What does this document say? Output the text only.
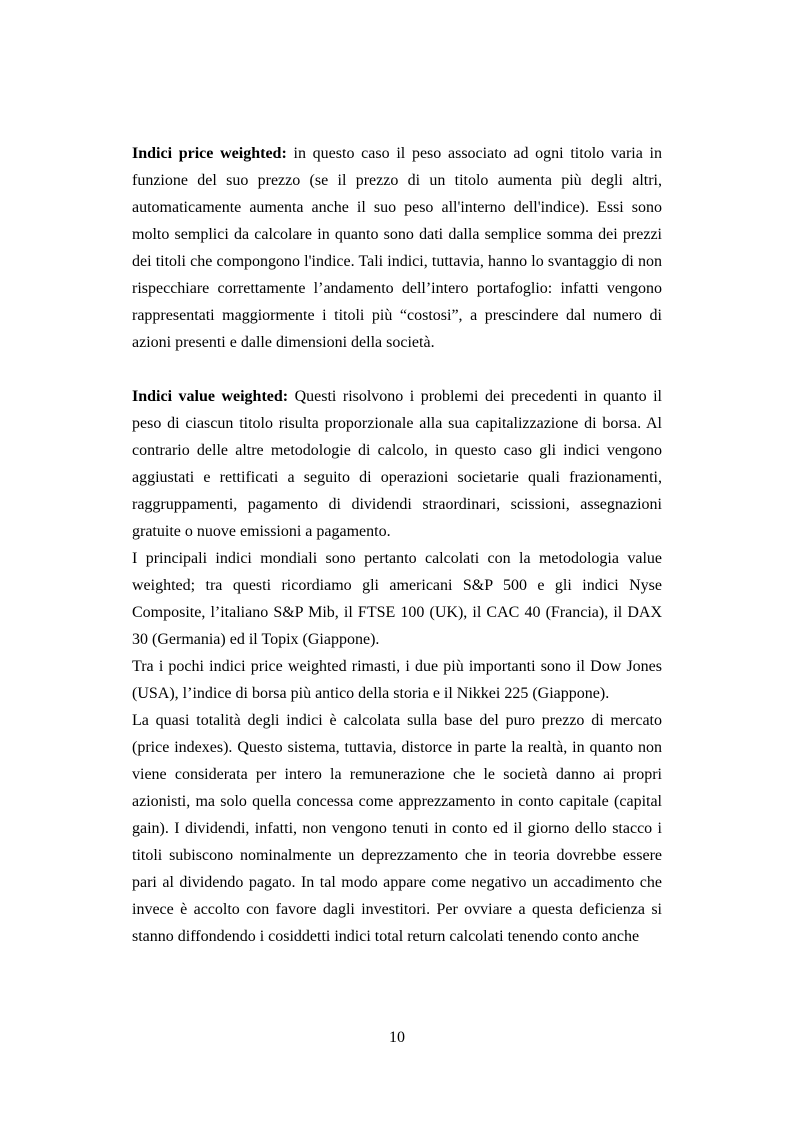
Indici price weighted: in questo caso il peso associato ad ogni titolo varia in funzione del suo prezzo (se il prezzo di un titolo aumenta più degli altri, automaticamente aumenta anche il suo peso all'interno dell'indice). Essi sono molto semplici da calcolare in quanto sono dati dalla semplice somma dei prezzi dei titoli che compongono l'indice. Tali indici, tuttavia, hanno lo svantaggio di non rispecchiare correttamente l’andamento dell’intero portafoglio: infatti vengono rappresentati maggiormente i titoli più “costosi”, a prescindere dal numero di azioni presenti e dalle dimensioni della società.

Indici value weighted: Questi risolvono i problemi dei precedenti in quanto il peso di ciascun titolo risulta proporzionale alla sua capitalizzazione di borsa. Al contrario delle altre metodologie di calcolo, in questo caso gli indici vengono aggiustati e rettificati a seguito di operazioni societarie quali frazionamenti, raggruppamenti, pagamento di dividendi straordinari, scissioni, assegnazioni gratuite o nuove emissioni a pagamento.

I principali indici mondiali sono pertanto calcolati con la metodologia value weighted; tra questi ricordiamo gli americani S&P 500 e gli indici Nyse Composite, l’italiano S&P Mib, il FTSE 100 (UK), il CAC 40 (Francia), il DAX 30 (Germania) ed il Topix (Giappone).

Tra i pochi indici price weighted rimasti, i due più importanti sono il Dow Jones (USA), l’indice di borsa più antico della storia e il Nikkei 225 (Giappone).

La quasi totalità degli indici è calcolata sulla base del puro prezzo di mercato (price indexes). Questo sistema, tuttavia, distorce in parte la realtà, in quanto non viene considerata per intero la remunerazione che le società danno ai propri azionisti, ma solo quella concessa come apprezzamento in conto capitale (capital gain). I dividendi, infatti, non vengono tenuti in conto ed il giorno dello stacco i titoli subiscono nominalmente un deprezzamento che in teoria dovrebbe essere pari al dividendo pagato. In tal modo appare come negativo un accadimento che invece è accolto con favore dagli investitori. Per ovviare a questa deficienza si stanno diffondendo i cosiddetti indici total return calcolati tenendo conto anche

10
